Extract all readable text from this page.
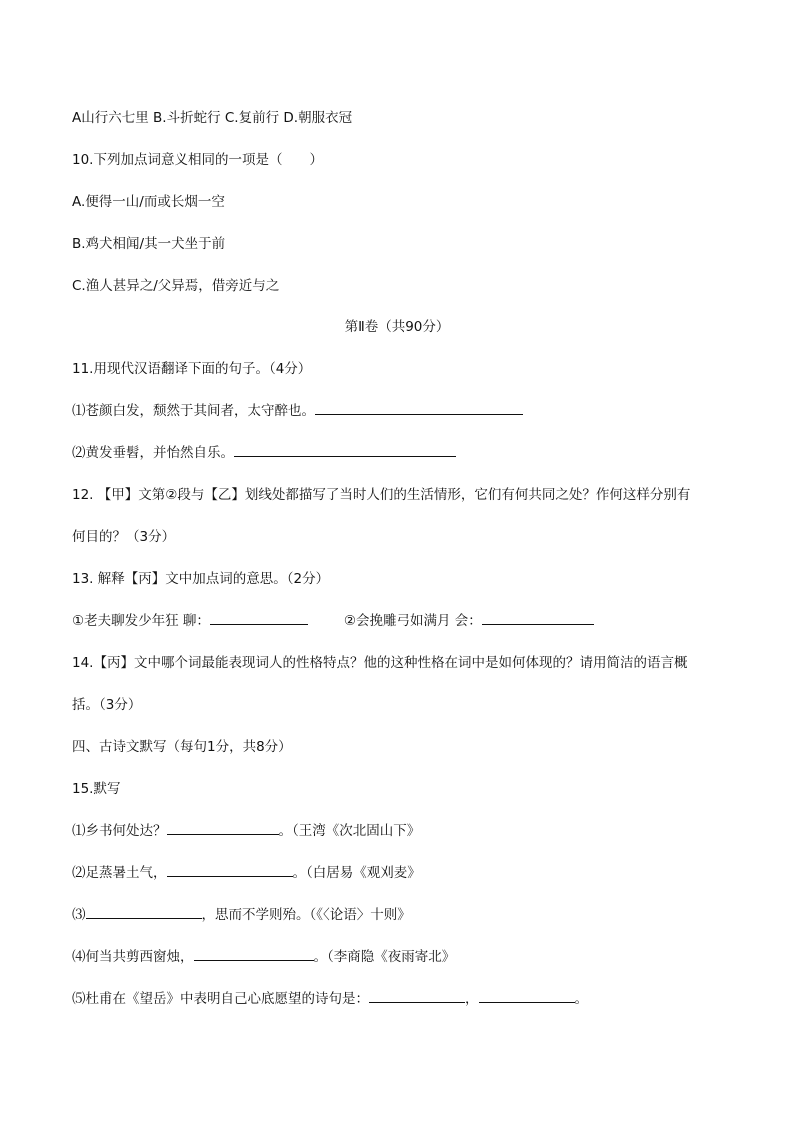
A山行六七里 B.斗折蛇行 C.复前行 D.朝服衣冠
10.下列加点词意义相同的一项是（　　）
A.便得一山/而或长烟一空
B.鸡犬相闻/其一犬坐于前
C.渔人甚异之/父异焉，借旁近与之
第Ⅱ卷（共90分）
11.用现代汉语翻译下面的句子。（4分）
⑴苍颜白发，颓然于其间者，太守醉也。
⑵黄发垂髫，并怡然自乐。
12. 【甲】文第②段与【乙】划线处都描写了当时人们的生活情形，它们有何共同之处？作何这样分别有
何目的？（3分）
13. 解释【丙】文中加点词的意思。（2分）
①老夫聊发少年狂 聊：	②会挽雕弓如满月 会：
14.【丙】文中哪个词最能表现词人的性格特点？他的这种性格在词中是如何体现的？请用简洁的语言概
括。（3分）
四、古诗文默写（每句1分，共8分）
15.默写
⑴乡书何处达？	。（王湾《次北固山下》
⑵足蒸暑土气，	。（白居易《观刈麦》
⑶	，思而不学则殆。（《〈论语〉十则》
⑷何当共剪西窗烛，	。（李商隐《夜雨寄北》
⑸杜甫在《望岳》中表明自己心底愿望的诗句是：	，	。
